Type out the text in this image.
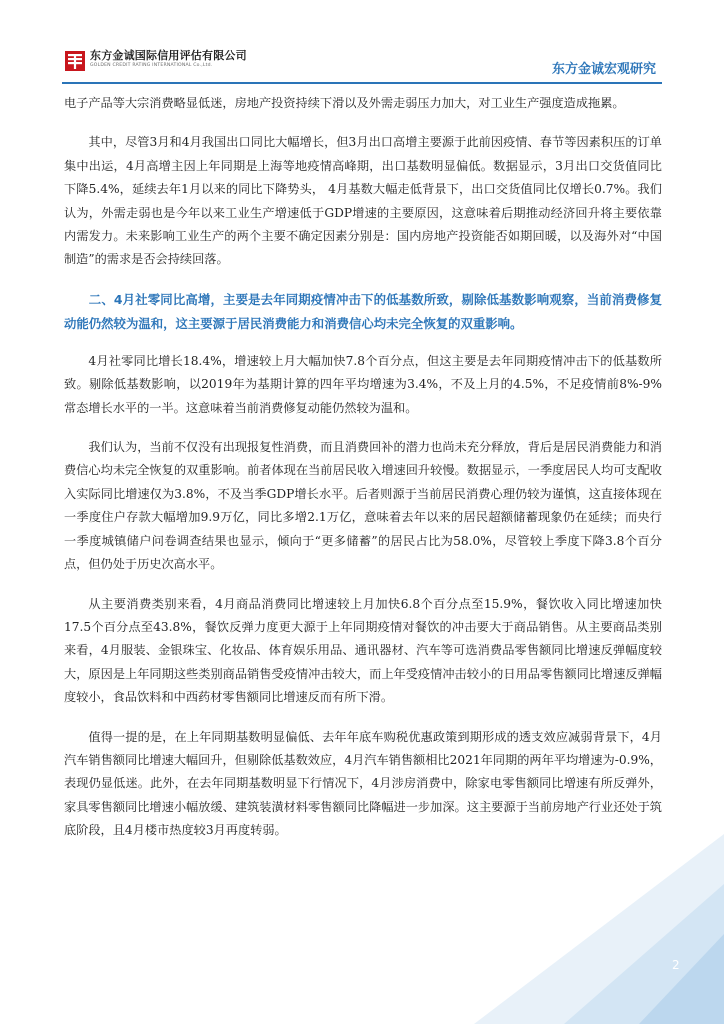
东方金诚国际信用评估有限公司
GOLDEN CREDIT RATING INTERNATIONAL Co.,Ltd.	东方金诚宏观研究

电子产品等大宗消费略显低迷，房地产投资持续下滑以及外需走弱压力加大，对工业生产强度造成拖累。

其中，尽管3月和4月我国出口同比大幅增长，但3月出口高增主要源于此前因疫情、春节等因素积压的订单集中出运，4月高增主因上年同期是上海等地疫情高峰期，出口基数明显偏低。数据显示，3月出口交货值同比下降5.4%，延续去年1月以来的同比下降势头， 4月基数大幅走低背景下，出口交货值同比仅增长0.7%。我们认为，外需走弱也是今年以来工业生产增速低于GDP增速的主要原因，这意味着后期推动经济回升将主要依靠内需发力。未来影响工业生产的两个主要不确定因素分别是：国内房地产投资能否如期回暖，以及海外对“中国制造”的需求是否会持续回落。

二、4月社零同比高增，主要是去年同期疫情冲击下的低基数所致，剔除低基数影响观察，当前消费修复动能仍然较为温和，这主要源于居民消费能力和消费信心均未完全恢复的双重影响。

4月社零同比增长18.4%，增速较上月大幅加快7.8个百分点，但这主要是去年同期疫情冲击下的低基数所致。剔除低基数影响，以2019年为基期计算的四年平均增速为3.4%，不及上月的4.5%，不足疫情前8%-9%常态增长水平的一半。这意味着当前消费修复动能仍然较为温和。

我们认为，当前不仅没有出现报复性消费，而且消费回补的潜力也尚未充分释放，背后是居民消费能力和消费信心均未完全恢复的双重影响。前者体现在当前居民收入增速回升较慢。数据显示，一季度居民人均可支配收入实际同比增速仅为3.8%，不及当季GDP增长水平。后者则源于当前居民消费心理仍较为谨慎，这直接体现在一季度住户存款大幅增加9.9万亿，同比多增2.1万亿，意味着去年以来的居民超额储蓄现象仍在延续；而央行一季度城镇储户问卷调查结果也显示，倾向于“更多储蓄”的居民占比为58.0%，尽管较上季度下降3.8个百分点，但仍处于历史次高水平。

从主要消费类别来看，4月商品消费同比增速较上月加快6.8个百分点至15.9%，餐饮收入同比增速加快17.5个百分点至43.8%，餐饮反弹力度更大源于上年同期疫情对餐饮的冲击要大于商品销售。从主要商品类别来看，4月服装、金银珠宝、化妆品、体育娱乐用品、通讯器材、汽车等可选消费品零售额同比增速反弹幅度较大，原因是上年同期这些类别商品销售受疫情冲击较大，而上年受疫情冲击较小的日用品零售额同比增速反弹幅度较小，食品饮料和中西药材零售额同比增速反而有所下滑。

值得一提的是，在上年同期基数明显偏低、去年年底车购税优惠政策到期形成的透支效应减弱背景下，4月汽车销售额同比增速大幅回升，但剔除低基数效应，4月汽车销售额相比2021年同期的两年平均增速为-0.9%，表现仍显低迷。此外，在去年同期基数明显下行情况下，4月涉房消费中，除家电零售额同比增速有所反弹外，家具零售额同比增速小幅放缓、建筑装潢材料零售额同比降幅进一步加深。这主要源于当前房地产行业还处于筑底阶段，且4月楼市热度较3月再度转弱。

2
